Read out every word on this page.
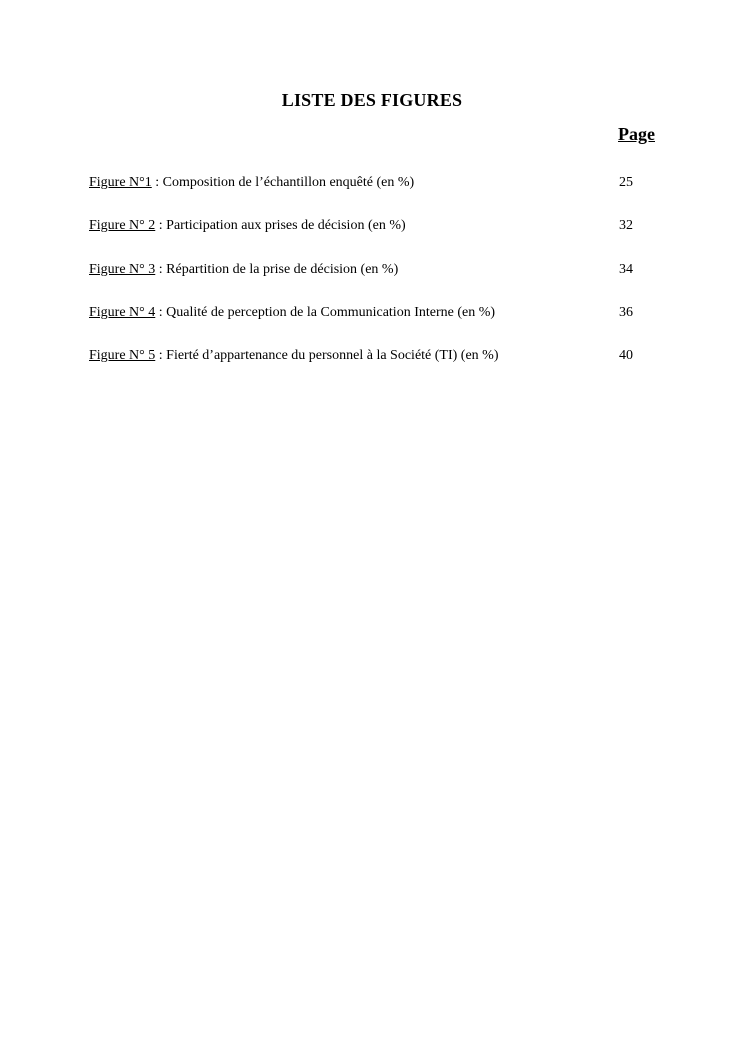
LISTE DES FIGURES
Page
Figure N°1 : Composition de l’échantillon enquêté (en %)	25
Figure N° 2 : Participation aux prises de décision (en %)	32
Figure N° 3 : Répartition de la prise de décision (en %)	34
Figure N° 4 : Qualité de perception de la Communication Interne (en %)	36
Figure N° 5 : Fierté d’appartenance du personnel à la Société (TI) (en %)	40
